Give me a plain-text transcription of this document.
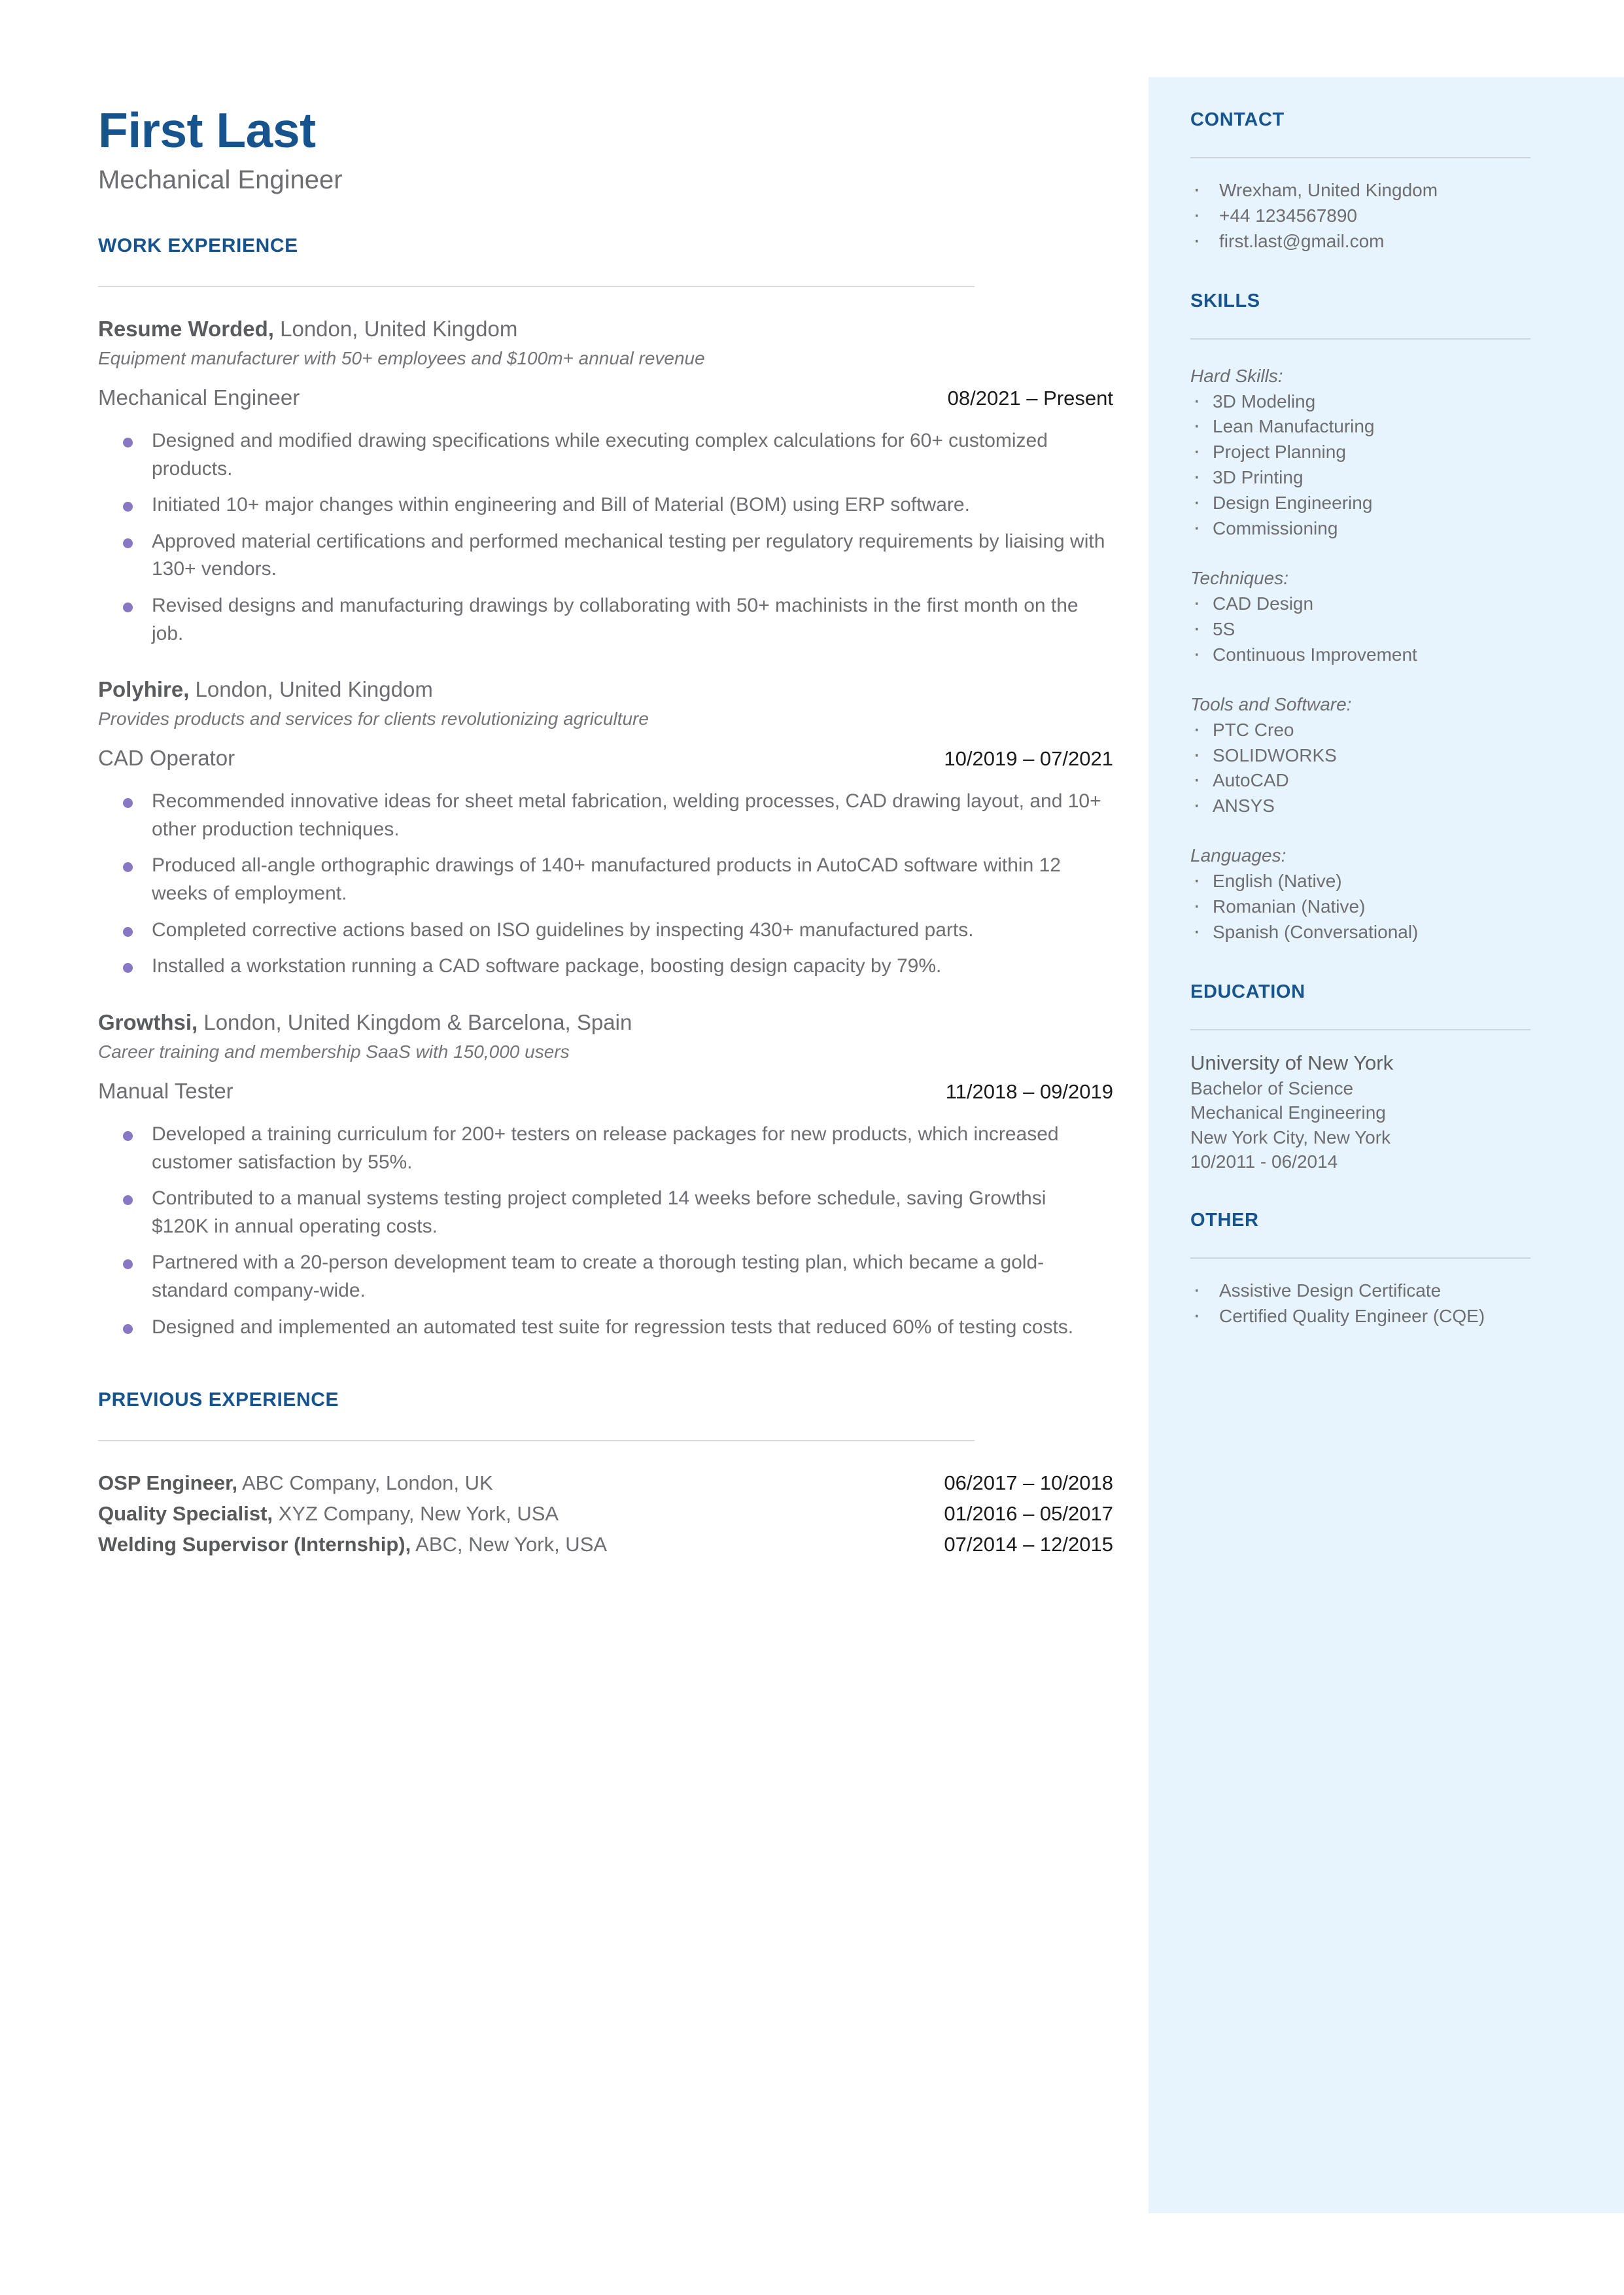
CONTACT
· Wrexham, United Kingdom
· +44 1234567890
· first.last@gmail.com
SKILLS

Hard Skills:

· 3D Modeling
· Lean Manufacturing
· Project Planning
· 3D Printing
· Design Engineering
· Commissioning

Techniques:

· CAD Design
· 5S
· Continuous Improvement

Tools and Software:

· PTC Creo
· SOLIDWORKS
· AutoCAD
· ANSYS

Languages:

· English (Native)
· Romanian (Native)
· Spanish (Conversational)
EDUCATION

University of New York

Bachelor of Science

Mechanical Engineering

New York City, New York

10/2011 - 06/2014

OTHER
· Assistive Design Certificate
· Certified Quality Engineer (CQE)
First Last

Mechanical Engineer

WORK EXPERIENCE

Resume Worded, London, United Kingdom

Equipment manufacturer with 50+ employees and $100m+ annual revenue

Mechanical Engineer	08/2021 – Present
Designed and modified drawing specifications while executing complex calculations for 60+ customized products.
Initiated 10+ major changes within engineering and Bill of Material (BOM) using ERP software.
Approved material certifications and performed mechanical testing per regulatory requirements by liaising with 130+ vendors.
Revised designs and manufacturing drawings by collaborating with 50+ machinists in the first month on the job.

Polyhire, London, United Kingdom

Provides products and services for clients revolutionizing agriculture

CAD Operator	10/2019 – 07/2021
Recommended innovative ideas for sheet metal fabrication, welding processes, CAD drawing layout, and 10+ other production techniques.
Produced all-angle orthographic drawings of 140+ manufactured products in AutoCAD software within 12 weeks of employment.
Completed corrective actions based on ISO guidelines by inspecting 430+ manufactured parts.
Installed a workstation running a CAD software package, boosting design capacity by 79%.

Growthsi, London, United Kingdom & Barcelona, Spain

Career training and membership SaaS with 150,000 users

Manual Tester	11/2018 – 09/2019
Developed a training curriculum for 200+ testers on release packages for new products, which increased customer satisfaction by 55%.
Contributed to a manual systems testing project completed 14 weeks before schedule, saving Growthsi $120K in annual operating costs.
Partnered with a 20-person development team to create a thorough testing plan, which became a gold-standard company-wide.
Designed and implemented an automated test suite for regression tests that reduced 60% of testing costs.
PREVIOUS EXPERIENCE
OSP Engineer, ABC Company, London, UK	06/2017 – 10/2018
Quality Specialist, XYZ Company, New York, USA	01/2016 – 05/2017
Welding Supervisor (Internship), ABC, New York, USA	07/2014 – 12/2015
